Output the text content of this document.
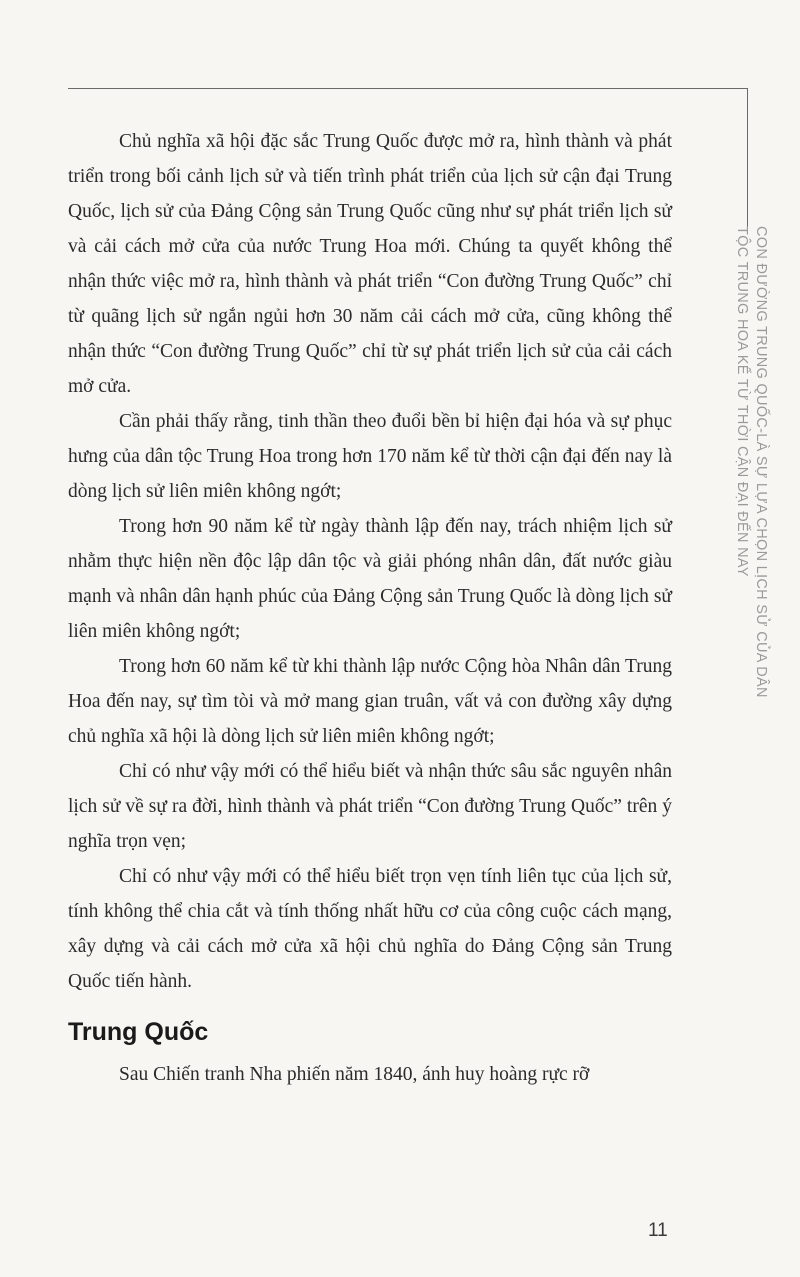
CON ĐƯỜNG TRUNG QUỐC-LÀ SỰ LỰA CHỌN LỊCH SỬ CỦA DÂN
TỘC TRUNG HOA KỂ TỪ THỜI CẬN ĐẠI ĐẾN NAY

Chủ nghĩa xã hội đặc sắc Trung Quốc được mở ra, hình thành và phát triển trong bối cảnh lịch sử và tiến trình phát triển của lịch sử cận đại Trung Quốc, lịch sử của Đảng Cộng sản Trung Quốc cũng như sự phát triển lịch sử và cải cách mở cửa của nước Trung Hoa mới. Chúng ta quyết không thể nhận thức việc mở ra, hình thành và phát triển “Con đường Trung Quốc” chỉ từ quãng lịch sử ngắn ngủi hơn 30 năm cải cách mở cửa, cũng không thể nhận thức “Con đường Trung Quốc” chỉ từ sự phát triển lịch sử của cải cách mở cửa.

Cần phải thấy rằng, tinh thần theo đuổi bền bỉ hiện đại hóa và sự phục hưng của dân tộc Trung Hoa trong hơn 170 năm kể từ thời cận đại đến nay là dòng lịch sử liên miên không ngớt;

Trong hơn 90 năm kể từ ngày thành lập đến nay, trách nhiệm lịch sử nhằm thực hiện nền độc lập dân tộc và giải phóng nhân dân, đất nước giàu mạnh và nhân dân hạnh phúc của Đảng Cộng sản Trung Quốc là dòng lịch sử liên miên không ngớt;

Trong hơn 60 năm kể từ khi thành lập nước Cộng hòa Nhân dân Trung Hoa đến nay, sự tìm tòi và mở mang gian truân, vất vả con đường xây dựng chủ nghĩa xã hội là dòng lịch sử liên miên không ngớt;

Chỉ có như vậy mới có thể hiểu biết và nhận thức sâu sắc nguyên nhân lịch sử về sự ra đời, hình thành và phát triển “Con đường Trung Quốc” trên ý nghĩa trọn vẹn;

Chỉ có như vậy mới có thể hiểu biết trọn vẹn tính liên tục của lịch sử, tính không thể chia cắt và tính thống nhất hữu cơ của công cuộc cách mạng, xây dựng và cải cách mở cửa xã hội chủ nghĩa do Đảng Cộng sản Trung Quốc tiến hành.

Trung Quốc

Sau Chiến tranh Nha phiến năm 1840, ánh huy hoàng rực rỡ

11
